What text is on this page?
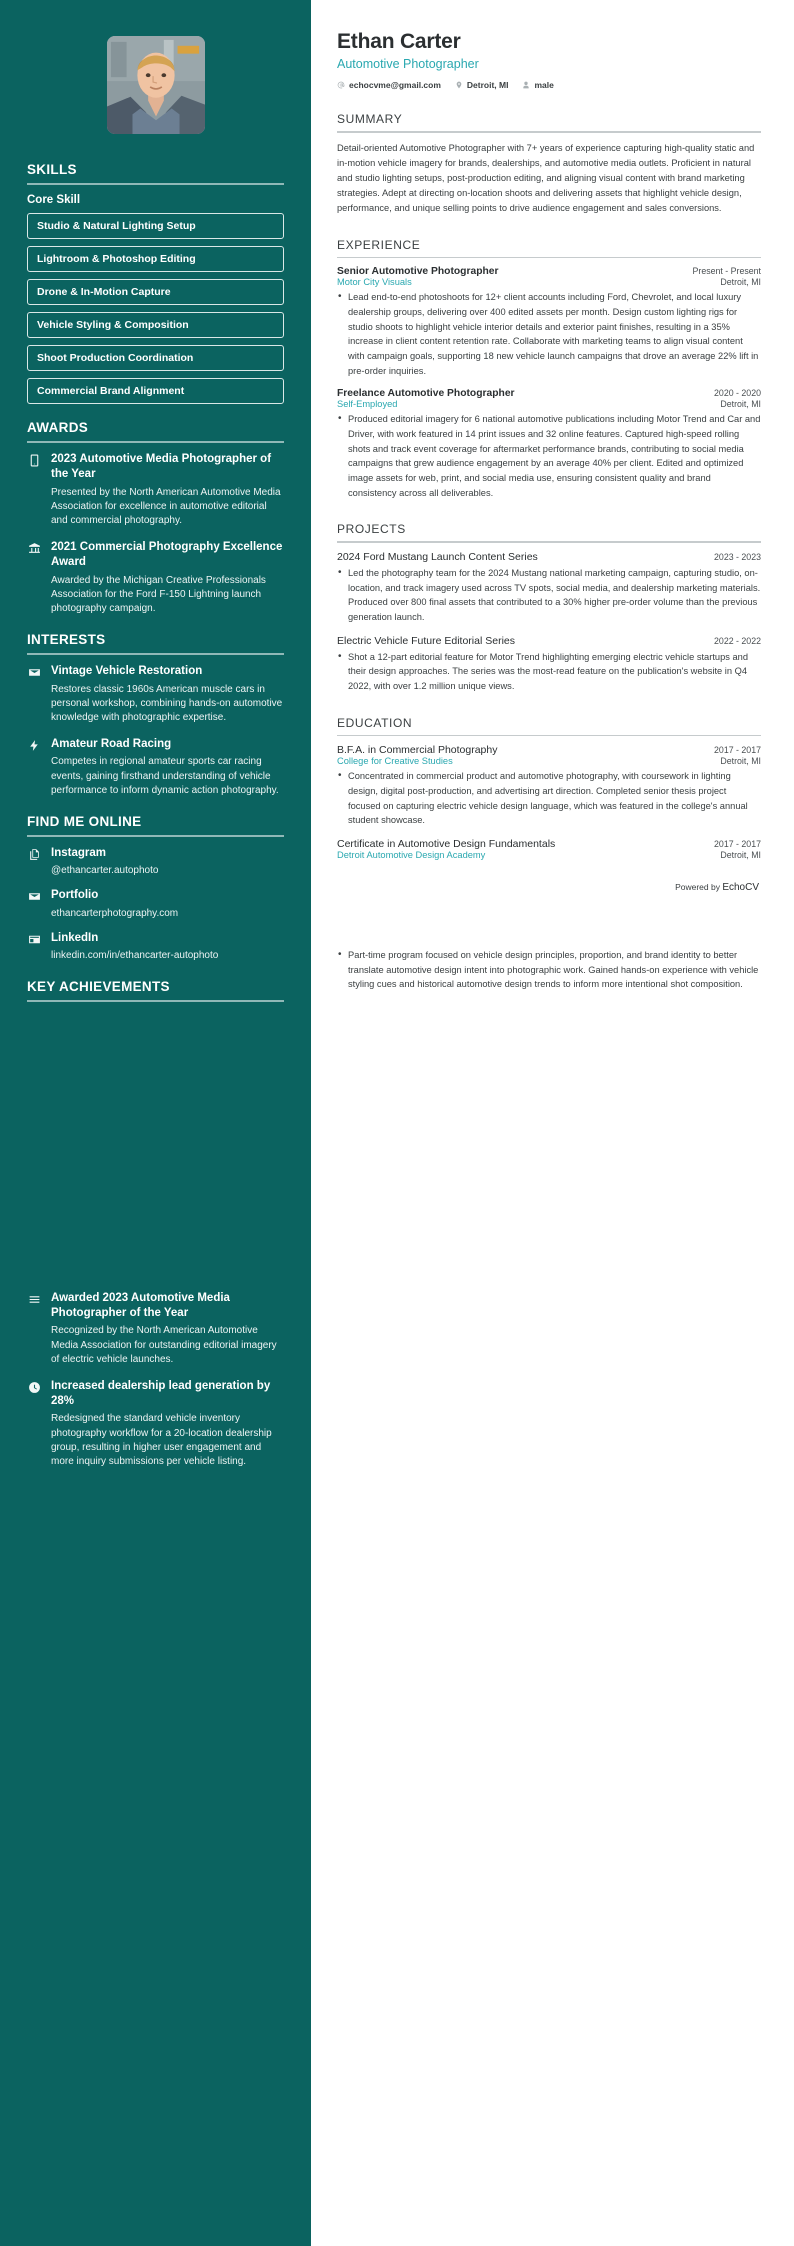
SKILLS
Core Skill
Studio & Natural Lighting Setup
Lightroom & Photoshop Editing
Drone & In-Motion Capture
Vehicle Styling & Composition
Shoot Production Coordination
Commercial Brand Alignment
AWARDS
2023 Automotive Media Photographer of the Year
Presented by the North American Automotive Media Association for excellence in automotive editorial and commercial photography.
2021 Commercial Photography Excellence Award
Awarded by the Michigan Creative Professionals Association for the Ford F-150 Lightning launch photography campaign.
INTERESTS
Vintage Vehicle Restoration
Restores classic 1960s American muscle cars in personal workshop, combining hands-on automotive knowledge with photographic expertise.
Amateur Road Racing
Competes in regional amateur sports car racing events, gaining firsthand understanding of vehicle performance to inform dynamic action photography.
FIND ME ONLINE
Instagram
@ethancarter.autophoto
Portfolio
ethancarterphotography.com
LinkedIn
linkedin.com/in/ethancarter-autophoto
KEY ACHIEVEMENTS
Awarded 2023 Automotive Media Photographer of the Year
Recognized by the North American Automotive Media Association for outstanding editorial imagery of electric vehicle launches.
Increased dealership lead generation by 28%
Redesigned the standard vehicle inventory photography workflow for a 20-location dealership group, resulting in higher user engagement and more inquiry submissions per vehicle listing.
Ethan Carter
Automotive Photographer
echocvme@gmail.com	Detroit, MI	male
SUMMARY
Detail-oriented Automotive Photographer with 7+ years of experience capturing high-quality static and in-motion vehicle imagery for brands, dealerships, and automotive media outlets. Proficient in natural and studio lighting setups, post-production editing, and aligning visual content with brand marketing strategies. Adept at directing on-location shoots and delivering assets that highlight vehicle design, performance, and unique selling points to drive audience engagement and sales conversions.
EXPERIENCE
Senior Automotive Photographer	Present - Present
Motor City Visuals	Detroit, MI
• Lead end-to-end photoshoots for 12+ client accounts including Ford, Chevrolet, and local luxury dealership groups, delivering over 400 edited assets per month. Design custom lighting rigs for studio shoots to highlight vehicle interior details and exterior paint finishes, resulting in a 35% increase in client content retention rate. Collaborate with marketing teams to align visual content with campaign goals, supporting 18 new vehicle launch campaigns that drove an average 22% lift in pre-order inquiries.
Freelance Automotive Photographer	2020 - 2020
Self-Employed	Detroit, MI
• Produced editorial imagery for 6 national automotive publications including Motor Trend and Car and Driver, with work featured in 14 print issues and 32 online features. Captured high-speed rolling shots and track event coverage for aftermarket performance brands, contributing to social media campaigns that grew audience engagement by an average 40% per client. Edited and optimized image assets for web, print, and social media use, ensuring consistent quality and brand consistency across all deliverables.
PROJECTS
2024 Ford Mustang Launch Content Series	2023 - 2023
• Led the photography team for the 2024 Mustang national marketing campaign, capturing studio, on-location, and track imagery used across TV spots, social media, and dealership marketing materials. Produced over 800 final assets that contributed to a 30% higher pre-order volume than the previous generation launch.
Electric Vehicle Future Editorial Series	2022 - 2022
• Shot a 12-part editorial feature for Motor Trend highlighting emerging electric vehicle startups and their design approaches. The series was the most-read feature on the publication's website in Q4 2022, with over 1.2 million unique views.
EDUCATION
B.F.A. in Commercial Photography	2017 - 2017
College for Creative Studies	Detroit, MI
• Concentrated in commercial product and automotive photography, with coursework in lighting design, digital post-production, and advertising art direction. Completed senior thesis project focused on capturing electric vehicle design language, which was featured in the college's annual student showcase.
Certificate in Automotive Design Fundamentals	2017 - 2017
Detroit Automotive Design Academy	Detroit, MI
Powered by EchoCV
• Part-time program focused on vehicle design principles, proportion, and brand identity to better translate automotive design intent into photographic work. Gained hands-on experience with vehicle styling cues and historical automotive design trends to inform more intentional shot composition.
